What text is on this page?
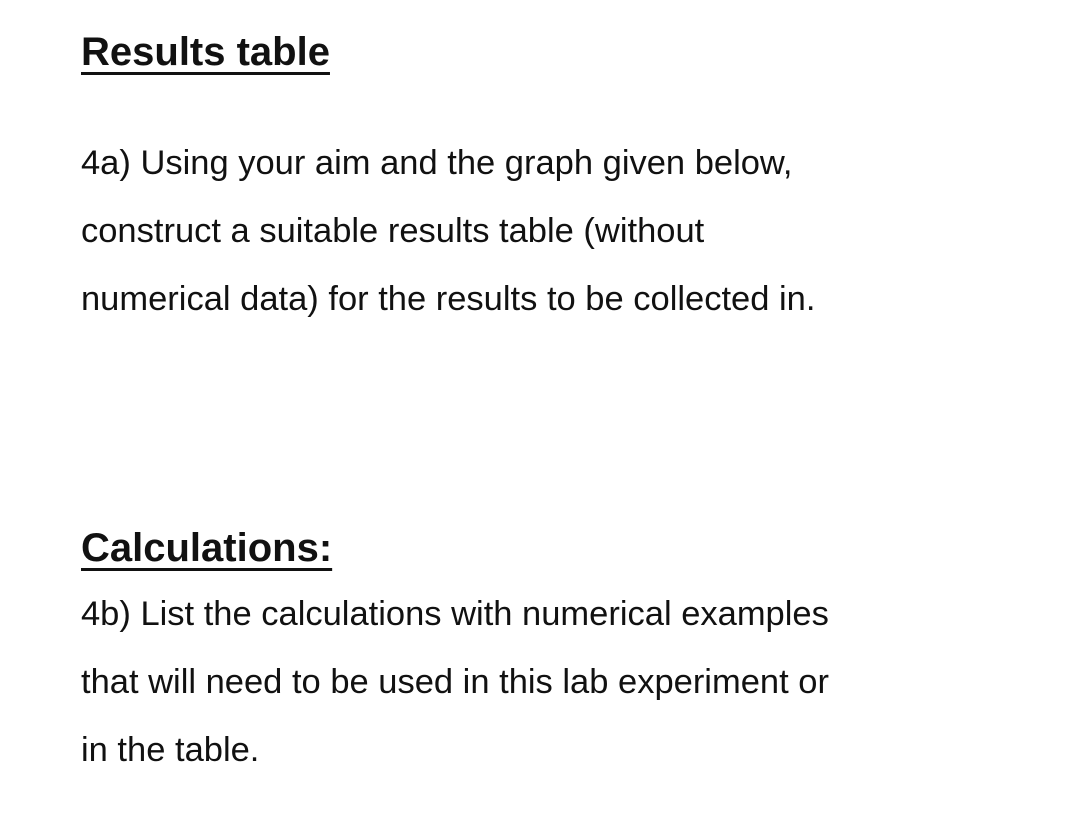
Results table

4a) Using your aim and the graph given below,
construct a suitable results table (without
numerical data) for the results to be collected in.

Calculations:

4b) List the calculations with numerical examples
that will need to be used in this lab experiment or
in the table.
